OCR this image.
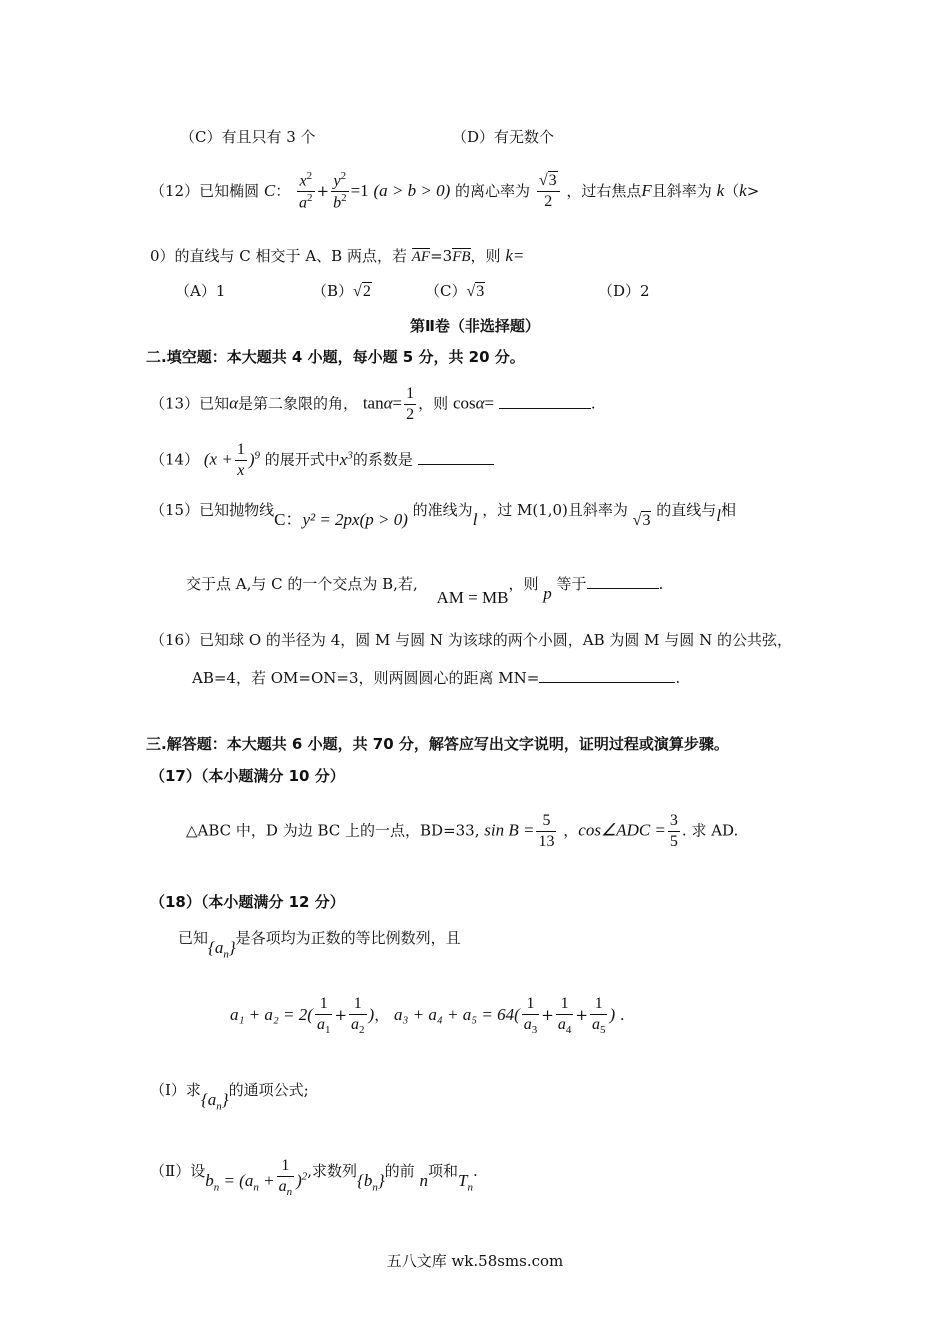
（C）有且只有 3 个	（D）有无数个
（12）已知椭圆 C： $\frac{x^2}{a^2} + \frac{y^2}{b^2} =1$ (a > b > 0) 的离心率为 $\frac{√3}{2}$ ，过右焦点F且斜率为 k（k>
0）的直线与 C 相交于 A、B 两点，若 AF=3FB，则 k=
（A）1	（B）√2	（C）√3	（D）2
第Ⅱ卷（非选择题）
二.填空题：本大题共 4 小题，每小题 5 分，共 20 分。
（13）已知α是第二象限的角， $\tan\alpha= \frac{1}{2}$ ，则 cosα=	.
（14） $(x + \frac{1}{x} )^9$ 的展开式中$x^3$的系数是
（15）已知抛物线C：y² = 2px(p > 0) 的准线为l ，过 M(1,0)且斜率为 √3 的直线与l相
交于点 A,与 C 的一个交点为 B,若, AM = MB，则 p 等于	.
（16）已知球 O 的半径为 4，圆 M 与圆 N 为该球的两个小圆，AB 为圆 M 与圆 N 的公共弦，
AB=4，若 OM=ON=3，则两圆圆心的距离 MN=	.
三.解答题：本大题共 6 小题，共 70 分，解答应写出文字说明，证明过程或演算步骤。
（17）（本小题满分 10 分）
△ABC 中，D 为边 BC 上的一点，BD=33, $\sin B = \frac{5}{13}$ ，cos∠ADC = $\frac{3}{5}$ . 求 AD.
（18）（本小题满分 12 分）
已知$\{a_n\}$是各项均为正数的等比例数列，且
$a_1 + a_2 = 2( \frac{1}{a_1} + \frac{1}{a_2}$ )， $a_3 + a_4 + a_5 = 64( \frac{1}{a_3} + \frac{1}{a_4} + \frac{1}{a_5}$ ) .
（Ⅰ）求$\{a_n\}$的通项公式;
（Ⅱ）设$b_n = (a_n + \frac{1}{a_n} )^2$,求数列$\{b_n\}$的前 n项和$T_n$.
五八文库 wk.58sms.com
